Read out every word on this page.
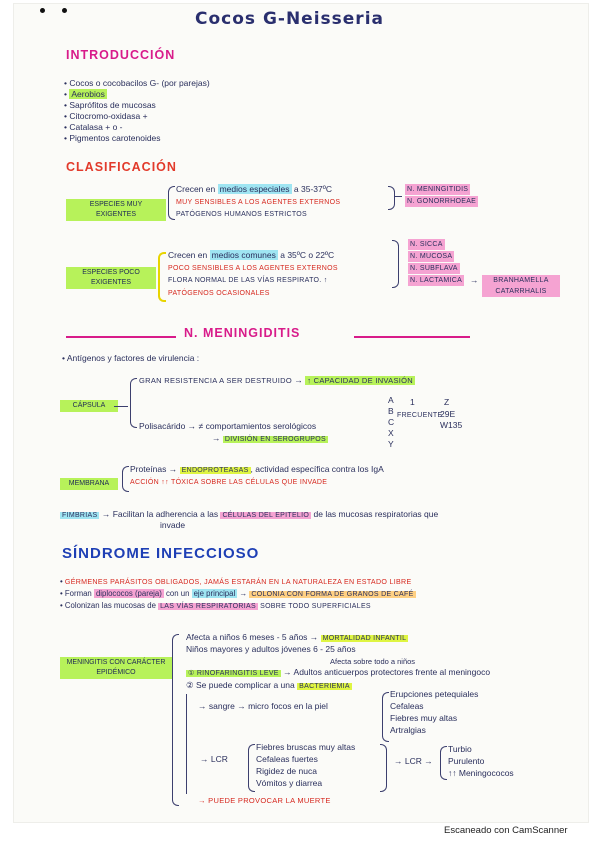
Cocos G-Neisseria
INTRODUCCIÓN
• Cocos o cocobacilos G- (por parejas)
• Aerobios
• Saprófitos de mucosas
• Citocromo-oxidasa +
• Catalasa + o -
• Pigmentos carotenoides
CLASIFICACIÓN
ESPECIES MUY EXIGENTES
Crecen en medios especiales a 35-37ºC
MUY SENSIBLES A LOS AGENTES EXTERNOS
PATÓGENOS HUMANOS ESTRICTOS
N. MENINGITIDIS
N. GONORRHOEAE
ESPECIES POCO EXIGENTES
Crecen en medios comunes a 35ºC o 22ºC
POCO SENSIBLES A LOS AGENTES EXTERNOS
FLORA NORMAL DE LAS VÍAS RESPIRATO. ↑
PATÓGENOS OCASIONALES
N. SICCA
N. MUCOSA
N. SUBFLAVA
N. LACTAMICA →	BRANHAMELLA CATARRHALIS
N. MENINGIDITIS
• Antígenos y factores de virulencia :
CÁPSULA
GRAN RESISTENCIA A SER DESTRUIDO → ↑ CAPACIDAD DE INVASIÓN
Polisacárido → ≠ comportamientos serológicos
→ DIVISIÓN EN SEROGRUPOS
A
B
C
X
Y
1	Z
FRECUENTE
29E
W135
MEMBRANA
Proteínas → ENDOPROTEASAS , actividad específica contra los IgA
ACCIÓN ↑↑ TÓXICA SOBRE LAS CÉLULAS QUE INVADE
FIMBRIAS → Facilitan la adherencia a las CÉLULAS DEL EPITELIO de las mucosas respiratorias que
invade
SÍNDROME INFECCIOSO
• GÉRMENES PARÁSITOS OBLIGADOS, JAMÁS ESTARÁN EN LA NATURALEZA EN ESTADO LIBRE
• Forman diplococos (pareja) con un eje principal → COLONIA CON FORMA DE GRANOS DE CAFÉ
• Colonizan las mucosas de LAS VÍAS RESPIRATORIAS SOBRE TODO SUPERFICIALES
MENINGITIS CON CARÁCTER EPIDÉMICO
Afecta a niños 6 meses - 5 años → MORTALIDAD INFANTIL
Niños mayores y adultos jóvenes 6 - 25 años
Afecta sobre todo a niños
① RINOFARINGITIS LEVE → Adultos anticuerpos protectores frente al meningoco
② Se puede complicar a una BACTERIEMIA
→ sangre → micro focos en la piel
Erupciones petequiales
Cefaleas
Fiebres muy altas
Artralgias
→ LCR
Fiebres bruscas muy altas
Cefaleas fuertes
Rigidez de nuca
Vómitos y diarrea
→ LCR →
Turbio
Purulento
↑↑ Meningococos
→ PUEDE PROVOCAR LA MUERTE
Escaneado con CamScanner
